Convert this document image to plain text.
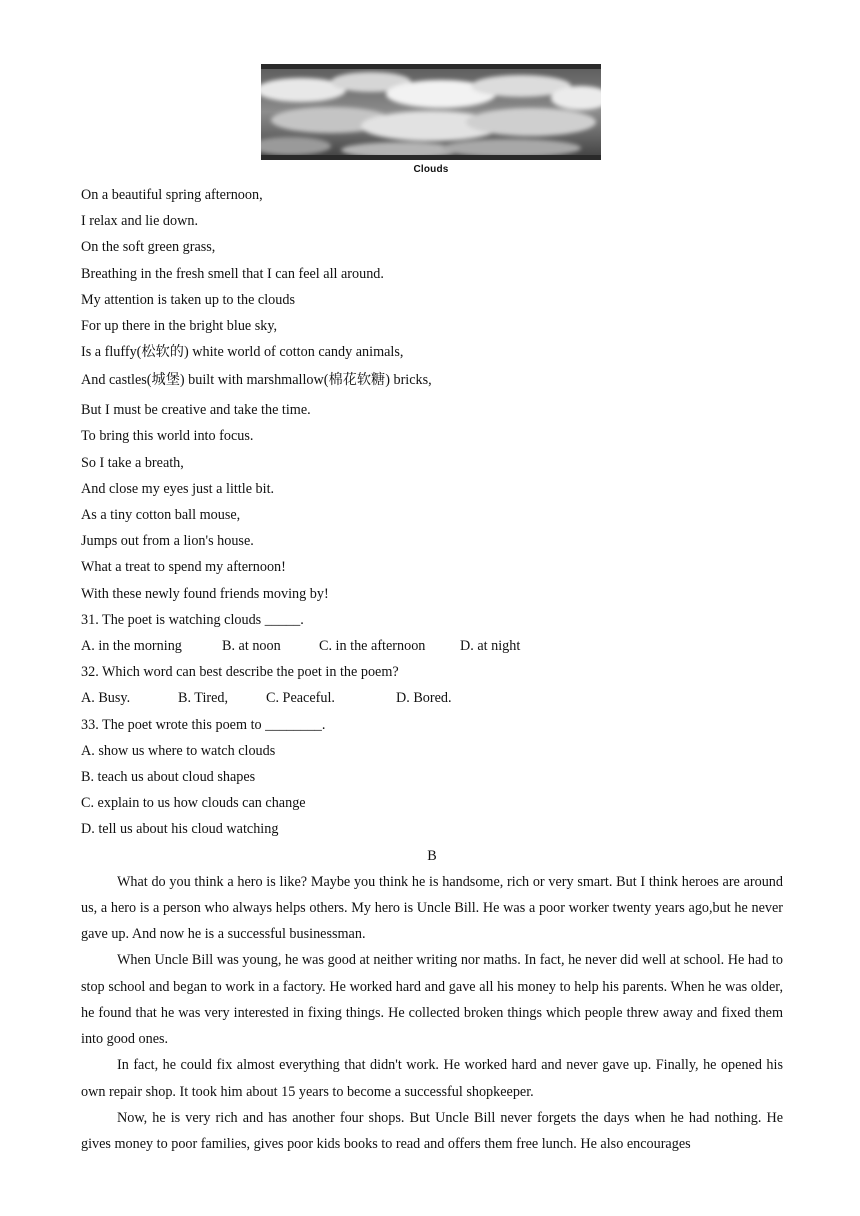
Clouds
On a beautiful spring afternoon,
I relax and lie down.
On the soft green grass,
Breathing in the fresh smell that I can feel all around.
My attention is taken up to the clouds
For up there in the bright blue sky,
Is a fluffy(松软的) white world of cotton candy animals,
And castles(城堡) built with marshmallow(棉花软糖) bricks,
But I must be creative and take the time.
To bring this world into focus.
So I take a breath,
And close my eyes just a little bit.
As a tiny cotton ball mouse,
Jumps out from a lion's house.
What a treat to spend my afternoon!
With these newly found friends moving by!
31. The poet is watching clouds _____.
A. in the morning	B. at noon	C. in the afternoon	D. at night
32. Which word can best describe the poet in the poem?
A. Busy.	B. Tired,	C. Peaceful.	D. Bored.
33. The poet wrote this poem to ________.
A. show us where to watch clouds
B. teach us about cloud shapes
C. explain to us how clouds can change
D. tell us about his cloud watching
B
What do you think a hero is like? Maybe you think he is handsome, rich or very smart. But I think heroes are around us, a hero is a person who always helps others. My hero is Uncle Bill. He was a poor worker twenty years ago,but he never gave up. And now he is a successful businessman.
When Uncle Bill was young, he was good at neither writing nor maths. In fact, he never did well at school. He had to stop school and began to work in a factory. He worked hard and gave all his money to help his parents. When he was older, he found that he was very interested in fixing things. He collected broken things which people threw away and fixed them into good ones.
In fact, he could fix almost everything that didn't work. He worked hard and never gave up. Finally, he opened his own repair shop. It took him about 15 years to become a successful shopkeeper.
Now, he is very rich and has another four shops. But Uncle Bill never forgets the days when he had nothing. He gives money to poor families, gives poor kids books to read and offers them free lunch. He also encourages
